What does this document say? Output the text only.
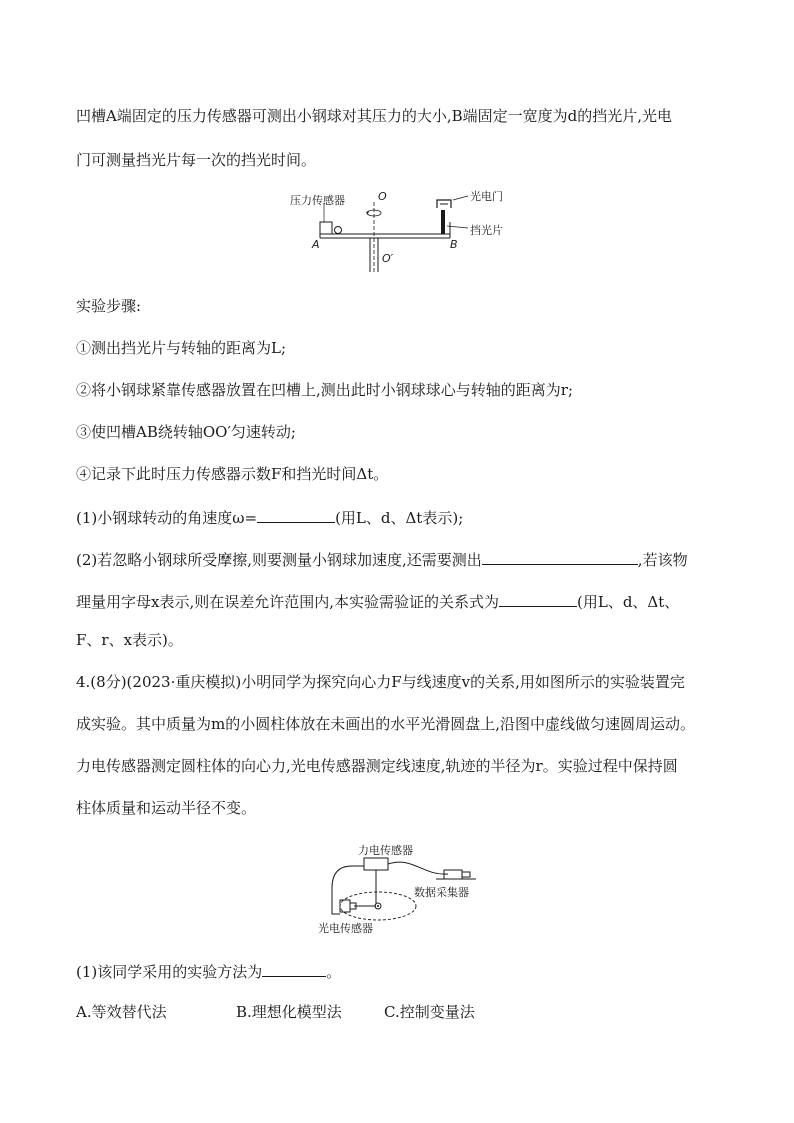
凹槽A端固定的压力传感器可测出小钢球对其压力的大小,B端固定一宽度为d的挡光片,光电
门可测量挡光片每一次的挡光时间。
压力传感器	O	光电门
A	B
挡光片
O′
实验步骤:
①测出挡光片与转轴的距离为L;
②将小钢球紧靠传感器放置在凹槽上,测出此时小钢球球心与转轴的距离为r;
③使凹槽AB绕转轴OO′匀速转动;
④记录下此时压力传感器示数F和挡光时间Δt。
(1)小钢球转动的角速度ω=	(用L、d、Δt表示);
(2)若忽略小钢球所受摩擦,则要测量小钢球加速度,还需要测出	,若该物
理量用字母x表示,则在误差允许范围内,本实验需验证的关系式为	(用L、d、Δt、
F、r、x表示)。
4.(8分)(2023·重庆模拟)小明同学为探究向心力F与线速度v的关系,用如图所示的实验装置完
成实验。其中质量为m的小圆柱体放在未画出的水平光滑圆盘上,沿图中虚线做匀速圆周运动。
力电传感器测定圆柱体的向心力,光电传感器测定线速度,轨迹的半径为r。实验过程中保持圆
柱体质量和运动半径不变。
力电传感器
数据采集器
光电传感器
(1)该同学采用的实验方法为	。
A.等效替代法	B.理想化模型法	C.控制变量法
